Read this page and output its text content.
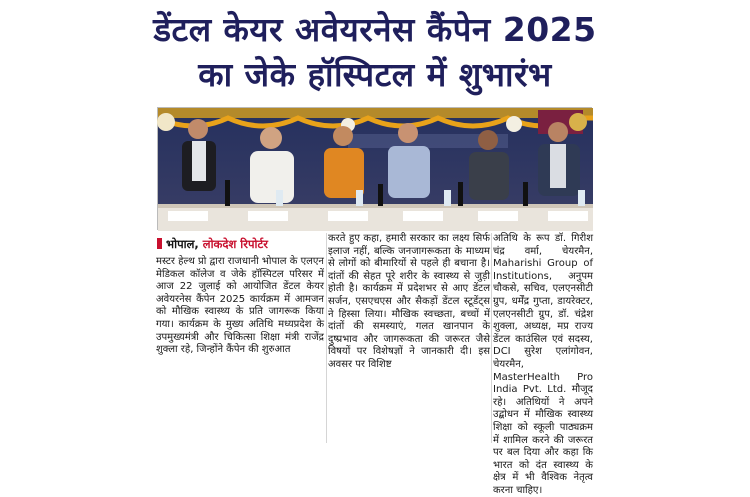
डेंटल केयर अवेयरनेस कैंपेन 2025
का जेके हॉस्पिटल में शुभारंभ
भोपाल, लोकदेश रिपोर्टर

मस्टर हेल्थ प्रो द्वारा राजधानी भोपाल के एलएन मेडिकल कॉलेज व जेके हॉस्पिटल परिसर में आज 22 जुलाई को आयोजित डेंटल केयर अवेयरनेस कैंपेन 2025 कार्यक्रम में आमजन को मौखिक स्वास्थ्य के प्रति जागरूक किया गया। कार्यक्रम के मुख्य अतिथि मध्यप्रदेश के उपमुख्यमंत्री और चिकित्सा शिक्षा मंत्री राजेंद्र शुक्ला रहे, जिन्होंने कैंपेन की शुरुआत

करते हुए कहा, हमारी सरकार का लक्ष्य सिर्फ इलाज नहीं, बल्कि जनजागरूकता के माध्यम से लोगों को बीमारियों से पहले ही बचाना है। दांतों की सेहत पूरे शरीर के स्वास्थ्य से जुड़ी होती है। कार्यक्रम में प्रदेशभर से आए डेंटल सर्जन, एसएचएस और सैकड़ों डेंटल स्टूडेंट्स ने हिस्सा लिया। मौखिक स्वच्छता, बच्चों में दांतों की समस्याएं, गलत खानपान के दुष्प्रभाव और जागरूकता की जरूरत जैसे विषयों पर विशेषज्ञों ने जानकारी दी। इस अवसर पर विशिष्ट

अतिथि के रूप डॉ. गिरीश चंद्र वर्मा, चेयरमैन, Maharishi Group of Institutions, अनुपम चौकसे, सचिव, एलएनसीटी ग्रुप, धर्मेंद्र गुप्ता, डायरेक्टर, एलएनसीटी ग्रुप, डॉ. चंद्रेश शुक्ला, अध्यक्ष, मप्र राज्य डेंटल काउंसिल एवं सदस्य, DCI सुरेश एलांगोवन, चेयरमैन, MasterHealth Pro India Pvt. Ltd. मौजूद रहे। अतिथियों ने अपने उद्बोधन में मौखिक स्वास्थ्य शिक्षा को स्कूली पाठ्यक्रम में शामिल करने की जरूरत पर बल दिया और कहा कि भारत को दंत स्वास्थ्य के क्षेत्र में भी वैश्विक नेतृत्व करना चाहिए।
